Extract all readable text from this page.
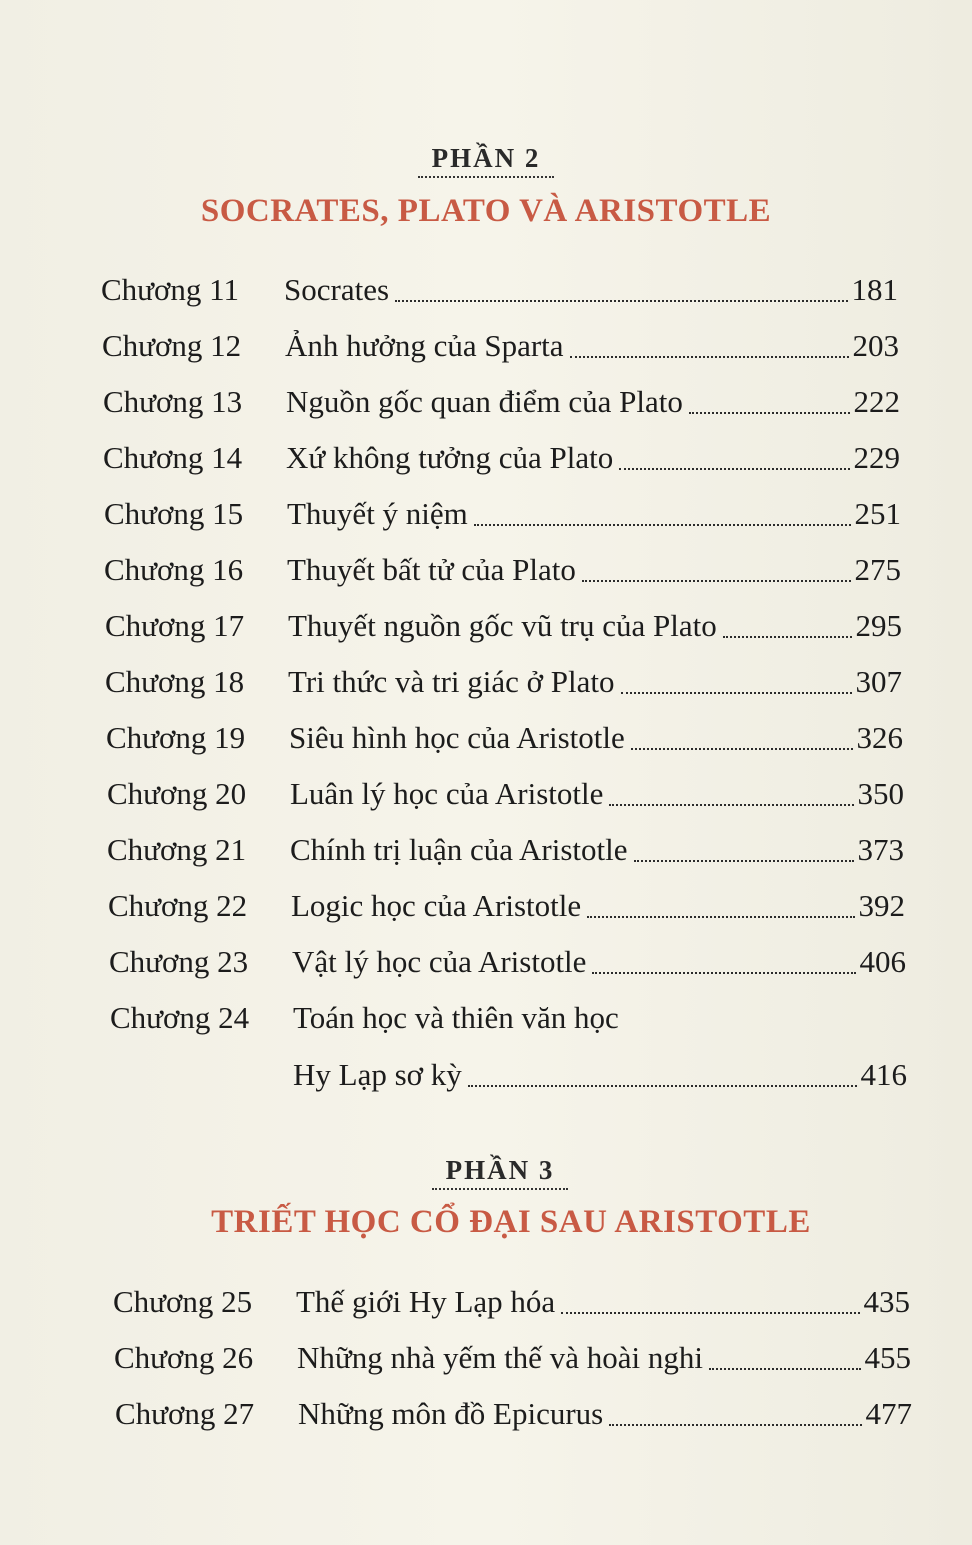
PHẦN 2
SOCRATES, PLATO VÀ ARISTOTLE
Chương 11	Socrates	181
Chương 12	Ảnh hưởng của Sparta	203
Chương 13	Nguồn gốc quan điểm của Plato	222
Chương 14	Xứ không tưởng của Plato	229
Chương 15	Thuyết ý niệm	251
Chương 16	Thuyết bất tử của Plato	275
Chương 17	Thuyết nguồn gốc vũ trụ của Plato	295
Chương 18	Tri thức và tri giác ở Plato	307
Chương 19	Siêu hình học của Aristotle	326
Chương 20	Luân lý học của Aristotle	350
Chương 21	Chính trị luận của Aristotle	373
Chương 22	Logic học của Aristotle	392
Chương 23	Vật lý học của Aristotle	406
Chương 24	Toán học và thiên văn học
Hy Lạp sơ kỳ	416
PHẦN 3
TRIẾT HỌC CỔ ĐẠI SAU ARISTOTLE
Chương 25	Thế giới Hy Lạp hóa	435
Chương 26	Những nhà yếm thế và hoài nghi	455
Chương 27	Những môn đồ Epicurus	477
